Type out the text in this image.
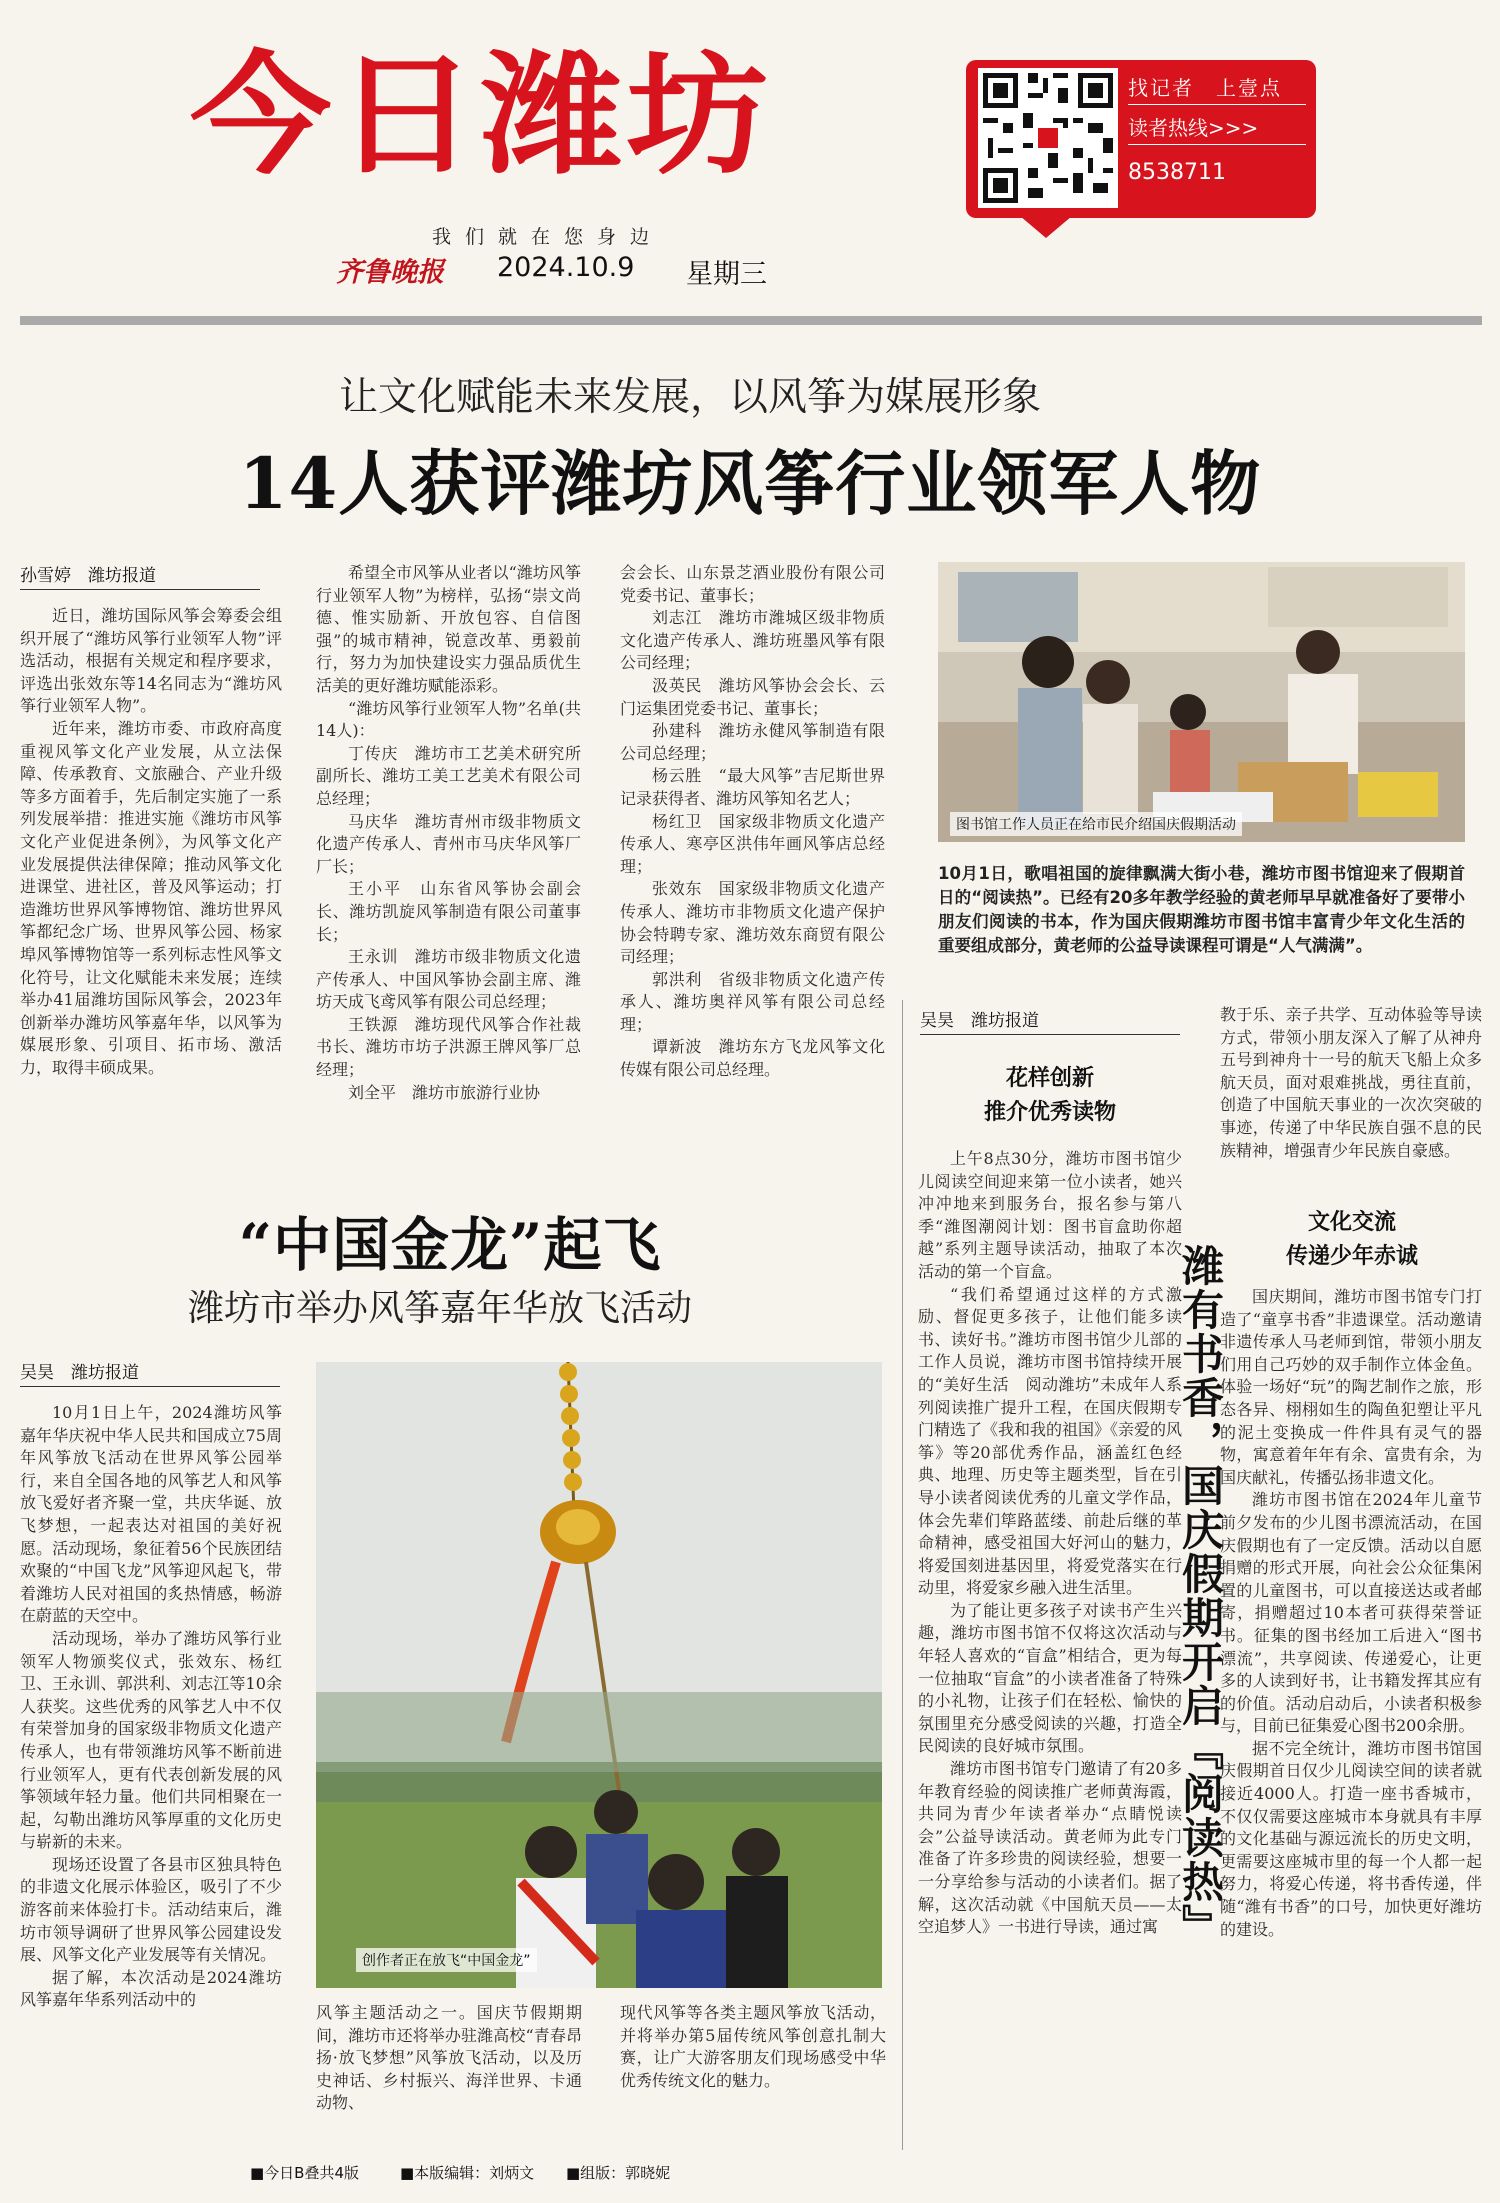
今日潍坊
我们就在您身边
齐鲁晚报 2024.10.9 星期三
找记者　上壹点
读者热线>>>
8538711
让文化赋能未来发展，以风筝为媒展形象
14人获评潍坊风筝行业领军人物
孙雪婷　潍坊报道

近日，潍坊国际风筝会筹委会组织开展了“潍坊风筝行业领军人物”评选活动，根据有关规定和程序要求，评选出张效东等14名同志为“潍坊风筝行业领军人物”。

近年来，潍坊市委、市政府高度重视风筝文化产业发展，从立法保障、传承教育、文旅融合、产业升级等多方面着手，先后制定实施了一系列发展举措：推进实施《潍坊市风筝文化产业促进条例》，为风筝文化产业发展提供法律保障；推动风筝文化进课堂、进社区，普及风筝运动；打造潍坊世界风筝博物馆、潍坊世界风筝都纪念广场、世界风筝公园、杨家埠风筝博物馆等一系列标志性风筝文化符号，让文化赋能未来发展；连续举办41届潍坊国际风筝会，2023年创新举办潍坊风筝嘉年华，以风筝为媒展形象、引项目、拓市场、激活力，取得丰硕成果。

希望全市风筝从业者以“潍坊风筝行业领军人物”为榜样，弘扬“崇文尚德、惟实励新、开放包容、自信图强”的城市精神，锐意改革、勇毅前行，努力为加快建设实力强品质优生活美的更好潍坊赋能添彩。

“潍坊风筝行业领军人物”名单(共14人)：

丁传庆　潍坊市工艺美术研究所副所长、潍坊工美工艺美术有限公司总经理；

马庆华　潍坊青州市级非物质文化遗产传承人、青州市马庆华风筝厂厂长；

王小平　山东省风筝协会副会长、潍坊凯旋风筝制造有限公司董事长；

王永训　潍坊市级非物质文化遗产传承人、中国风筝协会副主席、潍坊天成飞鸢风筝有限公司总经理；

王铁源　潍坊现代风筝合作社裁书长、潍坊市坊子洪源王牌风筝厂总经理；

刘全平　潍坊市旅游行业协

会会长、山东景芝酒业股份有限公司党委书记、董事长；

刘志江　潍坊市潍城区级非物质文化遗产传承人、潍坊班墨风筝有限公司经理；

汲英民　潍坊风筝协会会长、云门运集团党委书记、董事长；

孙建科　潍坊永健风筝制造有限公司总经理；

杨云胜　“最大风筝”吉尼斯世界记录获得者、潍坊风筝知名艺人；

杨红卫　国家级非物质文化遗产传承人、寒亭区洪伟年画风筝店总经理；

张效东　国家级非物质文化遗产传承人、潍坊市非物质文化遗产保护协会特聘专家、潍坊效东商贸有限公司经理；

郭洪利　省级非物质文化遗产传承人、潍坊奥祥风筝有限公司总经理；

谭新波　潍坊东方飞龙风筝文化传媒有限公司总经理。

图书馆工作人员正在给市民介绍国庆假期活动
10月1日，歌唱祖国的旋律飘满大街小巷，潍坊市图书馆迎来了假期首日的“阅读热”。已经有20多年教学经验的黄老师早早就准备好了要带小朋友们阅读的书本，作为国庆假期潍坊市图书馆丰富青少年文化生活的重要组成部分，黄老师的公益导读课程可谓是“人气满满”。
“中国金龙”起飞
潍坊市举办风筝嘉年华放飞活动
吴昊　潍坊报道

10月1日上午，2024潍坊风筝嘉年华庆祝中华人民共和国成立75周年风筝放飞活动在世界风筝公园举行，来自全国各地的风筝艺人和风筝放飞爱好者齐聚一堂，共庆华诞、放飞梦想，一起表达对祖国的美好祝愿。活动现场，象征着56个民族团结欢聚的“中国飞龙”风筝迎风起飞，带着潍坊人民对祖国的炙热情感，畅游在蔚蓝的天空中。

活动现场，举办了潍坊风筝行业领军人物颁奖仪式，张效东、杨红卫、王永训、郭洪利、刘志江等10余人获奖。这些优秀的风筝艺人中不仅有荣誉加身的国家级非物质文化遗产传承人，也有带领潍坊风筝不断前进行业领军人，更有代表创新发展的风筝领域年轻力量。他们共同相聚在一起，勾勒出潍坊风筝厚重的文化历史与崭新的未来。

现场还设置了各县市区独具特色的非遗文化展示体验区，吸引了不少游客前来体验打卡。活动结束后，潍坊市领导调研了世界风筝公园建设发展、风筝文化产业发展等有关情况。

据了解，本次活动是2024潍坊风筝嘉年华系列活动中的

创作者正在放飞“中国金龙”

风筝主题活动之一。国庆节假期期间，潍坊市还将举办驻潍高校“青春昂扬·放飞梦想”风筝放飞活动，以及历史神话、乡村振兴、海洋世界、卡通动物、

现代风筝等各类主题风筝放飞活动，并将举办第5届传统风筝创意扎制大赛，让广大游客朋友们现场感受中华优秀传统文化的魅力。

吴昊　潍坊报道
花样创新
推介优秀读物

上午8点30分，潍坊市图书馆少儿阅读空间迎来第一位小读者，她兴冲冲地来到服务台，报名参与第八季“潍图潮阅计划：图书盲盒助你超越”系列主题导读活动，抽取了本次活动的第一个盲盒。

“我们希望通过这样的方式激励、督促更多孩子，让他们能多读书、读好书。”潍坊市图书馆少儿部的工作人员说，潍坊市图书馆持续开展的“美好生活　阅动潍坊”未成年人系列阅读推广提升工程，在国庆假期专门精选了《我和我的祖国》《亲爱的风筝》等20部优秀作品，涵盖红色经典、地理、历史等主题类型，旨在引导小读者阅读优秀的儿童文学作品，体会先辈们筚路蓝缕、前赴后继的革命精神，感受祖国大好河山的魅力，将爱国刻进基因里，将爱党落实在行动里，将爱家乡融入进生活里。

为了能让更多孩子对读书产生兴趣，潍坊市图书馆不仅将这次活动与年轻人喜欢的“盲盒”相结合，更为每一位抽取“盲盒”的小读者准备了特殊的小礼物，让孩子们在轻松、愉快的氛围里充分感受阅读的兴趣，打造全民阅读的良好城市氛围。

潍坊市图书馆专门邀请了有20多年教育经验的阅读推广老师黄海霞，共同为青少年读者举办“点睛悦读会”公益导读活动。黄老师为此专门准备了许多珍贵的阅读经验，想要一一分享给参与活动的小读者们。据了解，这次活动就《中国航天员——太空追梦人》一书进行导读，通过寓 潍有书香，国庆假期开启『阅读热』

教于乐、亲子共学、互动体验等导读方式，带领小朋友深入了解了从神舟五号到神舟十一号的航天飞船上众多航天员，面对艰难挑战，勇往直前，创造了中国航天事业的一次次突破的事迹，传递了中华民族自强不息的民族精神，增强青少年民族自豪感。

文化交流
传递少年赤诚

国庆期间，潍坊市图书馆专门打造了“童享书香”非遗课堂。活动邀请非遗传承人马老师到馆，带领小朋友们用自己巧妙的双手制作立体金鱼。体验一场好“玩”的陶艺制作之旅，形态各异、栩栩如生的陶鱼犯塑让平凡的泥土变换成一件件具有灵气的器物，寓意着年年有余、富贵有余，为国庆献礼，传播弘扬非遗文化。

潍坊市图书馆在2024年儿童节前夕发布的少儿图书漂流活动，在国庆假期也有了一定反馈。活动以自愿捐赠的形式开展，向社会公众征集闲置的儿童图书，可以直接送达或者邮寄，捐赠超过10本者可获得荣誉证书。征集的图书经加工后进入“图书漂流”，共享阅读、传递爱心，让更多的人读到好书，让书籍发挥其应有的价值。活动启动后，小读者积极参与，目前已征集爱心图书200余册。

据不完全统计，潍坊市图书馆国庆假期首日仅少儿阅读空间的读者就接近4000人。打造一座书香城市，不仅仅需要这座城市本身就具有丰厚的文化基础与源远流长的历史文明，更需要这座城市里的每一个人都一起努力，将爱心传递，将书香传递，伴随“潍有书香”的口号，加快更好潍坊的建设。

■今日B叠共4版	■本版编辑：刘炳文 ■组版：郭晓妮
